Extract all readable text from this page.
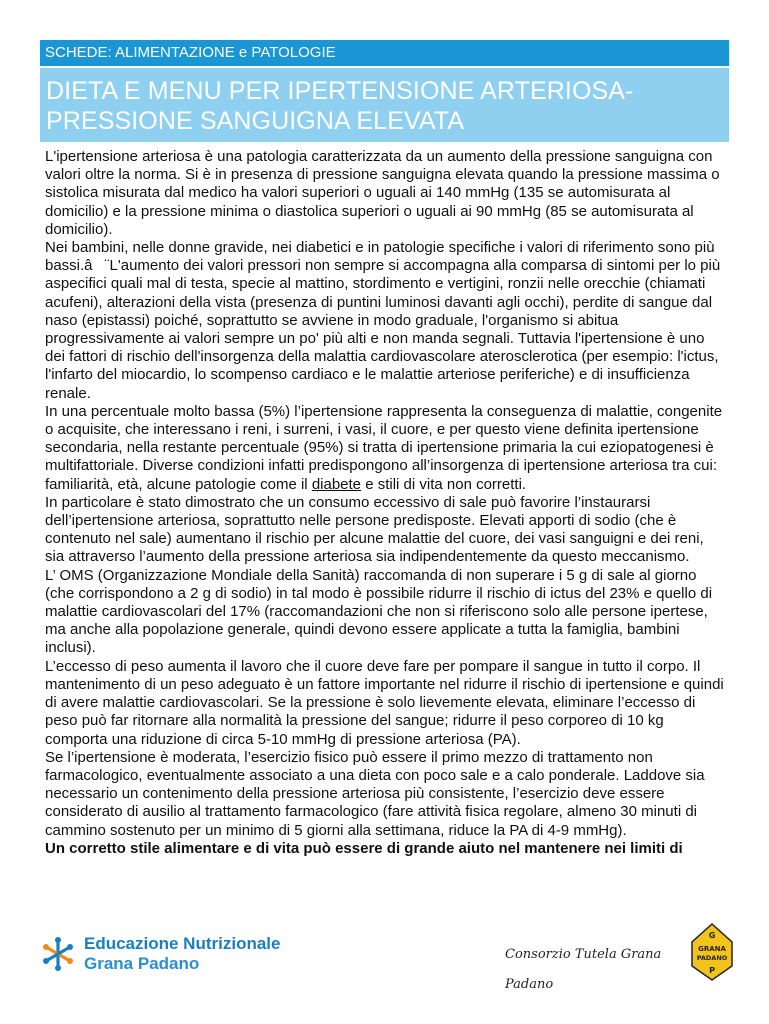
SCHEDE: ALIMENTAZIONE e PATOLOGIE
DIETA E MENU PER IPERTENSIONE ARTERIOSA-
PRESSIONE SANGUIGNA ELEVATA

L'ipertensione arteriosa è una patologia caratterizzata da un aumento della pressione sanguigna con valori oltre la norma. Si è in presenza di pressione sanguigna elevata quando la pressione massima o sistolica misurata dal medico ha valori superiori o uguali ai 140 mmHg (135 se automisurata al domicilio) e la pressione minima o diastolica superiori o uguali ai 90 mmHg (85 se automisurata al domicilio).

Nei bambini, nelle donne gravide, nei diabetici e in patologie specifiche i valori di riferimento sono più bassi.â¨L'aumento dei valori pressori non sempre si accompagna alla comparsa di sintomi per lo più aspecifici quali mal di testa, specie al mattino, stordimento e vertigini, ronzii nelle orecchie (chiamati acufeni), alterazioni della vista (presenza di puntini luminosi davanti agli occhi), perdite di sangue dal naso (epistassi) poiché, soprattutto se avviene in modo graduale, l'organismo si abitua progressivamente ai valori sempre un po' più alti e non manda segnali. Tuttavia l'ipertensione è uno dei fattori di rischio dell'insorgenza della malattia cardiovascolare aterosclerotica (per esempio: l'ictus, l'infarto del miocardio, lo scompenso cardiaco e le malattie arteriose periferiche) e di insufficienza renale.

In una percentuale molto bassa (5%) l’ipertensione rappresenta la conseguenza di malattie, congenite o acquisite, che interessano i reni, i surreni, i vasi, il cuore, e per questo viene definita ipertensione secondaria, nella restante percentuale (95%) si tratta di ipertensione primaria la cui eziopatogenesi è multifattoriale. Diverse condizioni infatti predispongono all’insorgenza di ipertensione arteriosa tra cui: familiarità, età, alcune patologie come il diabete e stili di vita non corretti.

In particolare è stato dimostrato che un consumo eccessivo di sale può favorire l’instaurarsi dell’ipertensione arteriosa, soprattutto nelle persone predisposte. Elevati apporti di sodio (che è contenuto nel sale) aumentano il rischio per alcune malattie del cuore, dei vasi sanguigni e dei reni, sia attraverso l’aumento della pressione arteriosa sia indipendentemente da questo meccanismo.

L’ OMS (Organizzazione Mondiale della Sanità) raccomanda di non superare i 5 g di sale al giorno (che corrispondono a 2 g di sodio) in tal modo è possibile ridurre il rischio di ictus del 23% e quello di malattie cardiovascolari del 17% (raccomandazioni che non si riferiscono solo alle persone ipertese, ma anche alla popolazione generale, quindi devono essere applicate a tutta la famiglia, bambini inclusi).

L’eccesso di peso aumenta il lavoro che il cuore deve fare per pompare il sangue in tutto il corpo. Il mantenimento di un peso adeguato è un fattore importante nel ridurre il rischio di ipertensione e quindi di avere malattie cardiovascolari. Se la pressione è solo lievemente elevata, eliminare l’eccesso di peso può far ritornare alla normalità la pressione del sangue; ridurre il peso corporeo di 10 kg comporta una riduzione di circa 5-10 mmHg di pressione arteriosa (PA).

Se l’ipertensione è moderata, l’esercizio fisico può essere il primo mezzo di trattamento non farmacologico, eventualmente associato a una dieta con poco sale e a calo ponderale. Laddove sia necessario un contenimento della pressione arteriosa più consistente, l’esercizio deve essere considerato di ausilio al trattamento farmacologico (fare attività fisica regolare, almeno 30 minuti di cammino sostenuto per un minimo di 5 giorni alla settimana, riduce la PA di 4-9 mmHg).

Un corretto stile alimentare e di vita può essere di grande aiuto nel mantenere nei limiti di

Educazione Nutrizionale
Grana Padano	Consorzio Tutela Grana Padano
G
GRANA
PADANO
P
